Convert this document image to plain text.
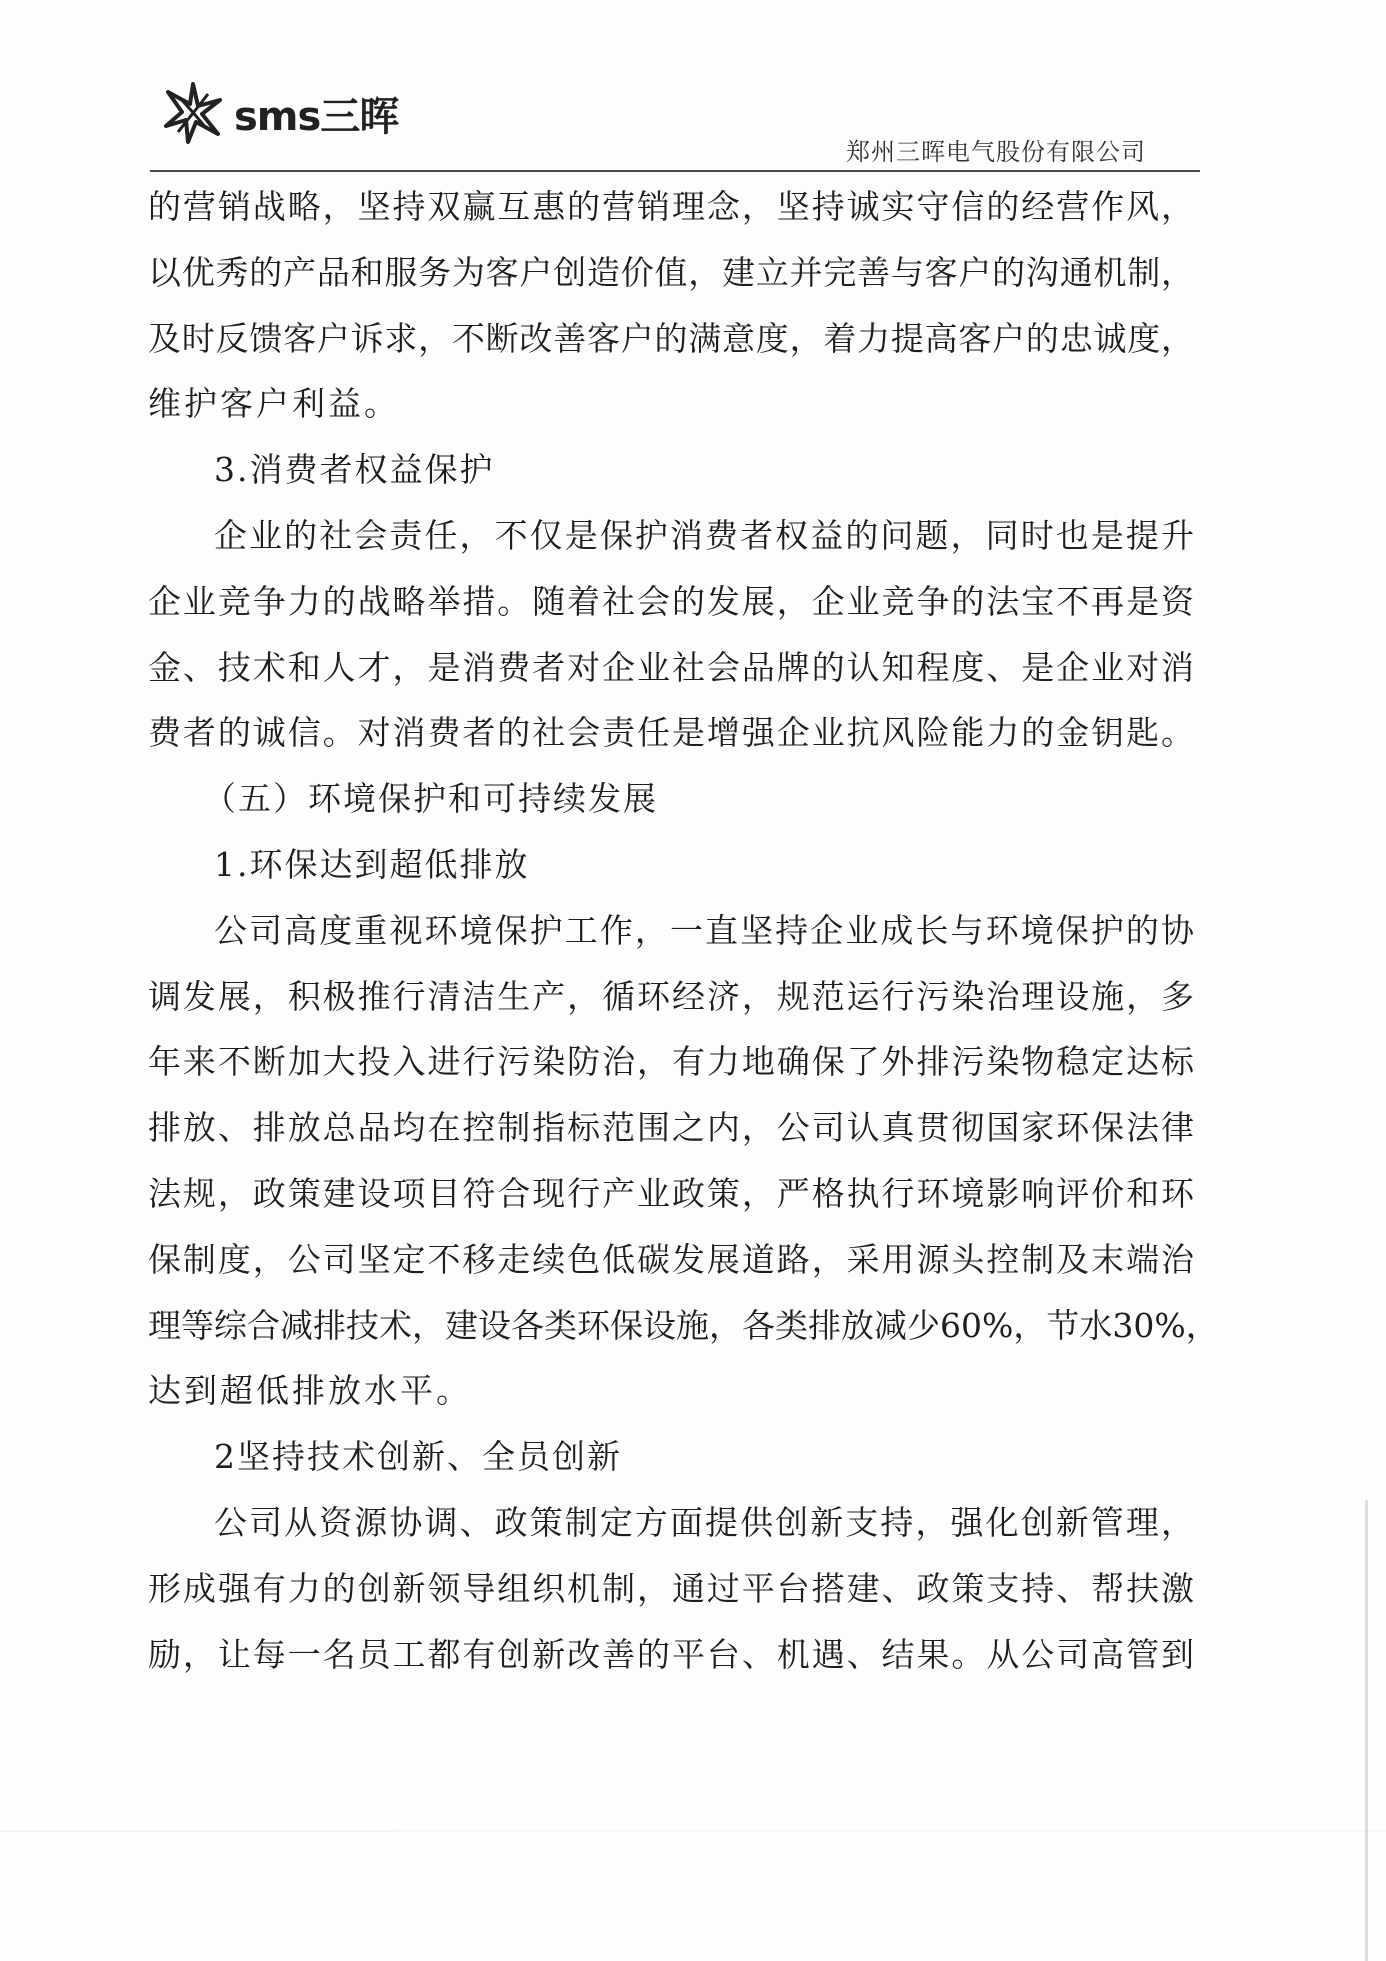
sms三晖
郑州三晖电气股份有限公司

的营销战略，坚持双赢互惠的营销理念，坚持诚实守信的经营作风，

以优秀的产品和服务为客户创造价值，建立并完善与客户的沟通机制，

及时反馈客户诉求，不断改善客户的满意度，着力提高客户的忠诚度，

维护客户利益。

3.消费者权益保护

企业的社会责任，不仅是保护消费者权益的问题，同时也是提升

企业竞争力的战略举措。随着社会的发展，企业竞争的法宝不再是资

金、技术和人才，是消费者对企业社会品牌的认知程度、是企业对消

费者的诚信。对消费者的社会责任是增强企业抗风险能力的金钥匙。

（五）环境保护和可持续发展

1.环保达到超低排放

公司高度重视环境保护工作，一直坚持企业成长与环境保护的协

调发展，积极推行清洁生产，循环经济，规范运行污染治理设施，多

年来不断加大投入进行污染防治，有力地确保了外排污染物稳定达标

排放、排放总品均在控制指标范围之内，公司认真贯彻国家环保法律

法规，政策建设项目符合现行产业政策，严格执行环境影响评价和环

保制度，公司坚定不移走续色低碳发展道路，采用源头控制及末端治

理等综合减排技术，建设各类环保设施，各类排放减少60%，节水30%，

达到超低排放水平。

2坚持技术创新、全员创新

公司从资源协调、政策制定方面提供创新支持，强化创新管理，

形成强有力的创新领导组织机制，通过平台搭建、政策支持、帮扶激

励，让每一名员工都有创新改善的平台、机遇、结果。从公司高管到
